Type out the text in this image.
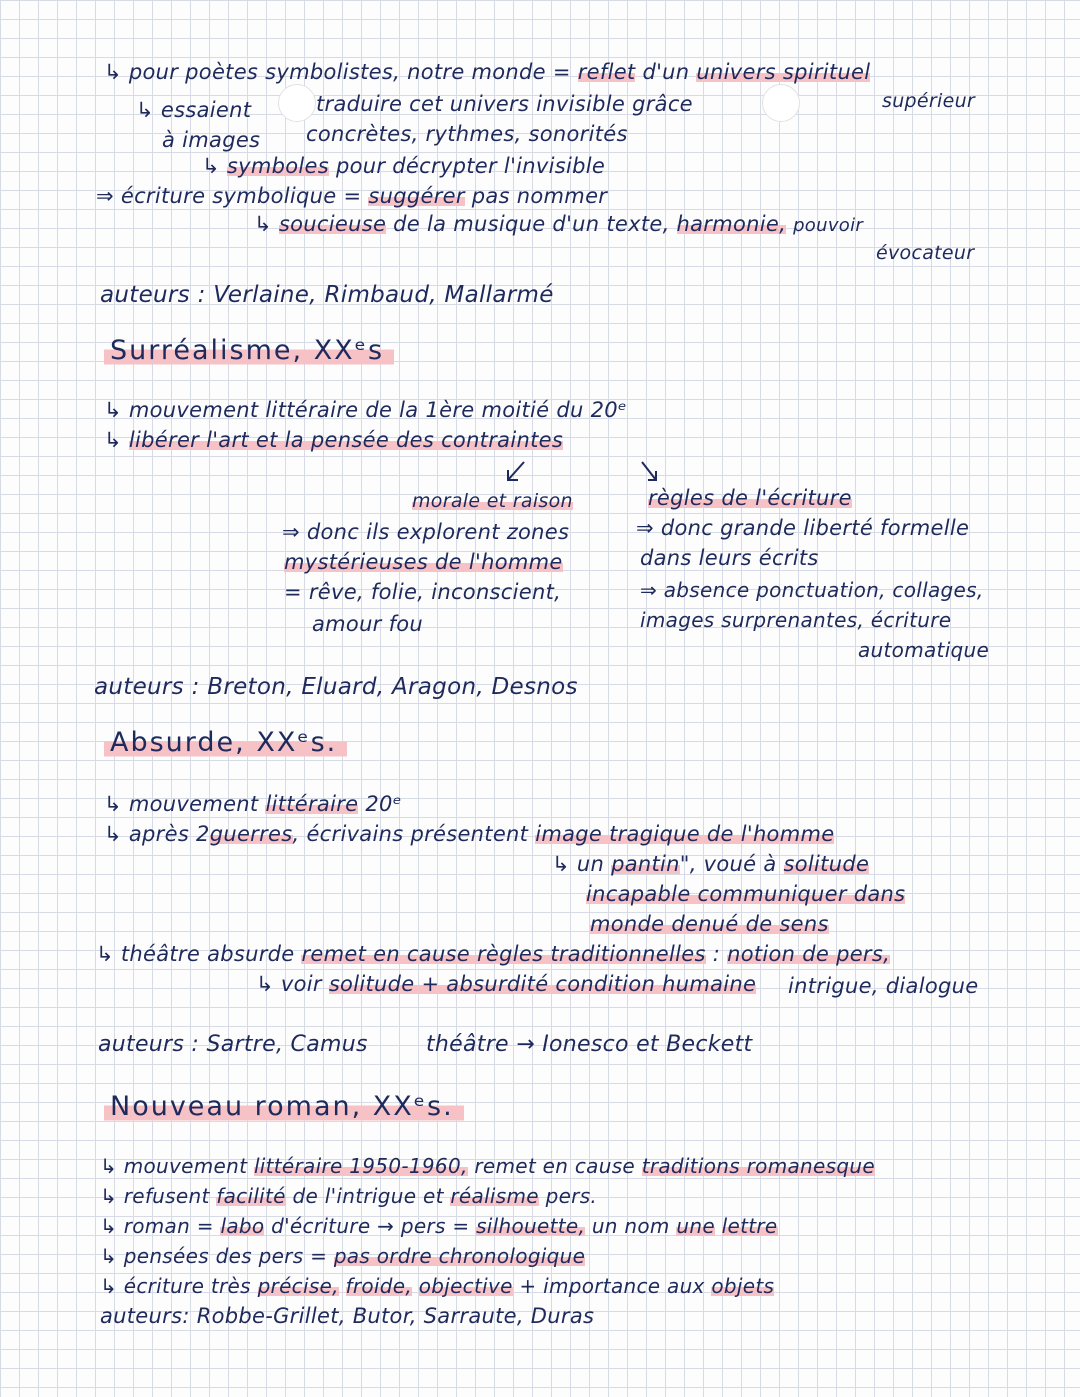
↳ pour poètes symbolistes, notre monde = reflet d'un univers spirituel
supérieur
↳ essaient	traduire cet univers invisible grâce
à images concrètes, rythmes, sonorités
↳ symboles pour décrypter l'invisible
⇒ écriture symbolique = suggérer pas nommer
↳ soucieuse de la musique d'un texte, harmonie, pouvoir
évocateur
auteurs : Verlaine, Rimbaud, Mallarmé
Surréalisme, XXᵉs
↳ mouvement littéraire de la 1ère moitié du 20ᵉ
↳ libérer l'art et la pensée des contraintes
morale et raison
⇒ donc ils explorent zones
mystérieuses de l'homme
= rêve, folie, inconscient,
amour fou
règles de l'écriture
⇒ donc grande liberté formelle
dans leurs écrits
⇒ absence ponctuation, collages,
images surprenantes, écriture
automatique
auteurs : Breton, Eluard, Aragon, Desnos
Absurde, XXᵉs.
↳ mouvement littéraire 20ᵉ
↳ après 2guerres, écrivains présentent image tragique de l'homme
↳ un pantin", voué à solitude
incapable communiquer dans
monde denué de sens
↳ théâtre absurde remet en cause règles traditionnelles : notion de pers,
↳ voir solitude + absurdité condition humaine intrigue, dialogue
auteurs : Sartre, Camus	théâtre → Ionesco et Beckett
Nouveau roman, XXᵉs.
↳ mouvement littéraire 1950-1960, remet en cause traditions romanesque
↳ refusent facilité de l'intrigue et réalisme pers.
↳ roman = labo d'écriture → pers = silhouette, un nom une lettre
↳ pensées des pers = pas ordre chronologique
↳ écriture très précise, froide, objective + importance aux objets
auteurs: Robbe-Grillet, Butor, Sarraute, Duras
